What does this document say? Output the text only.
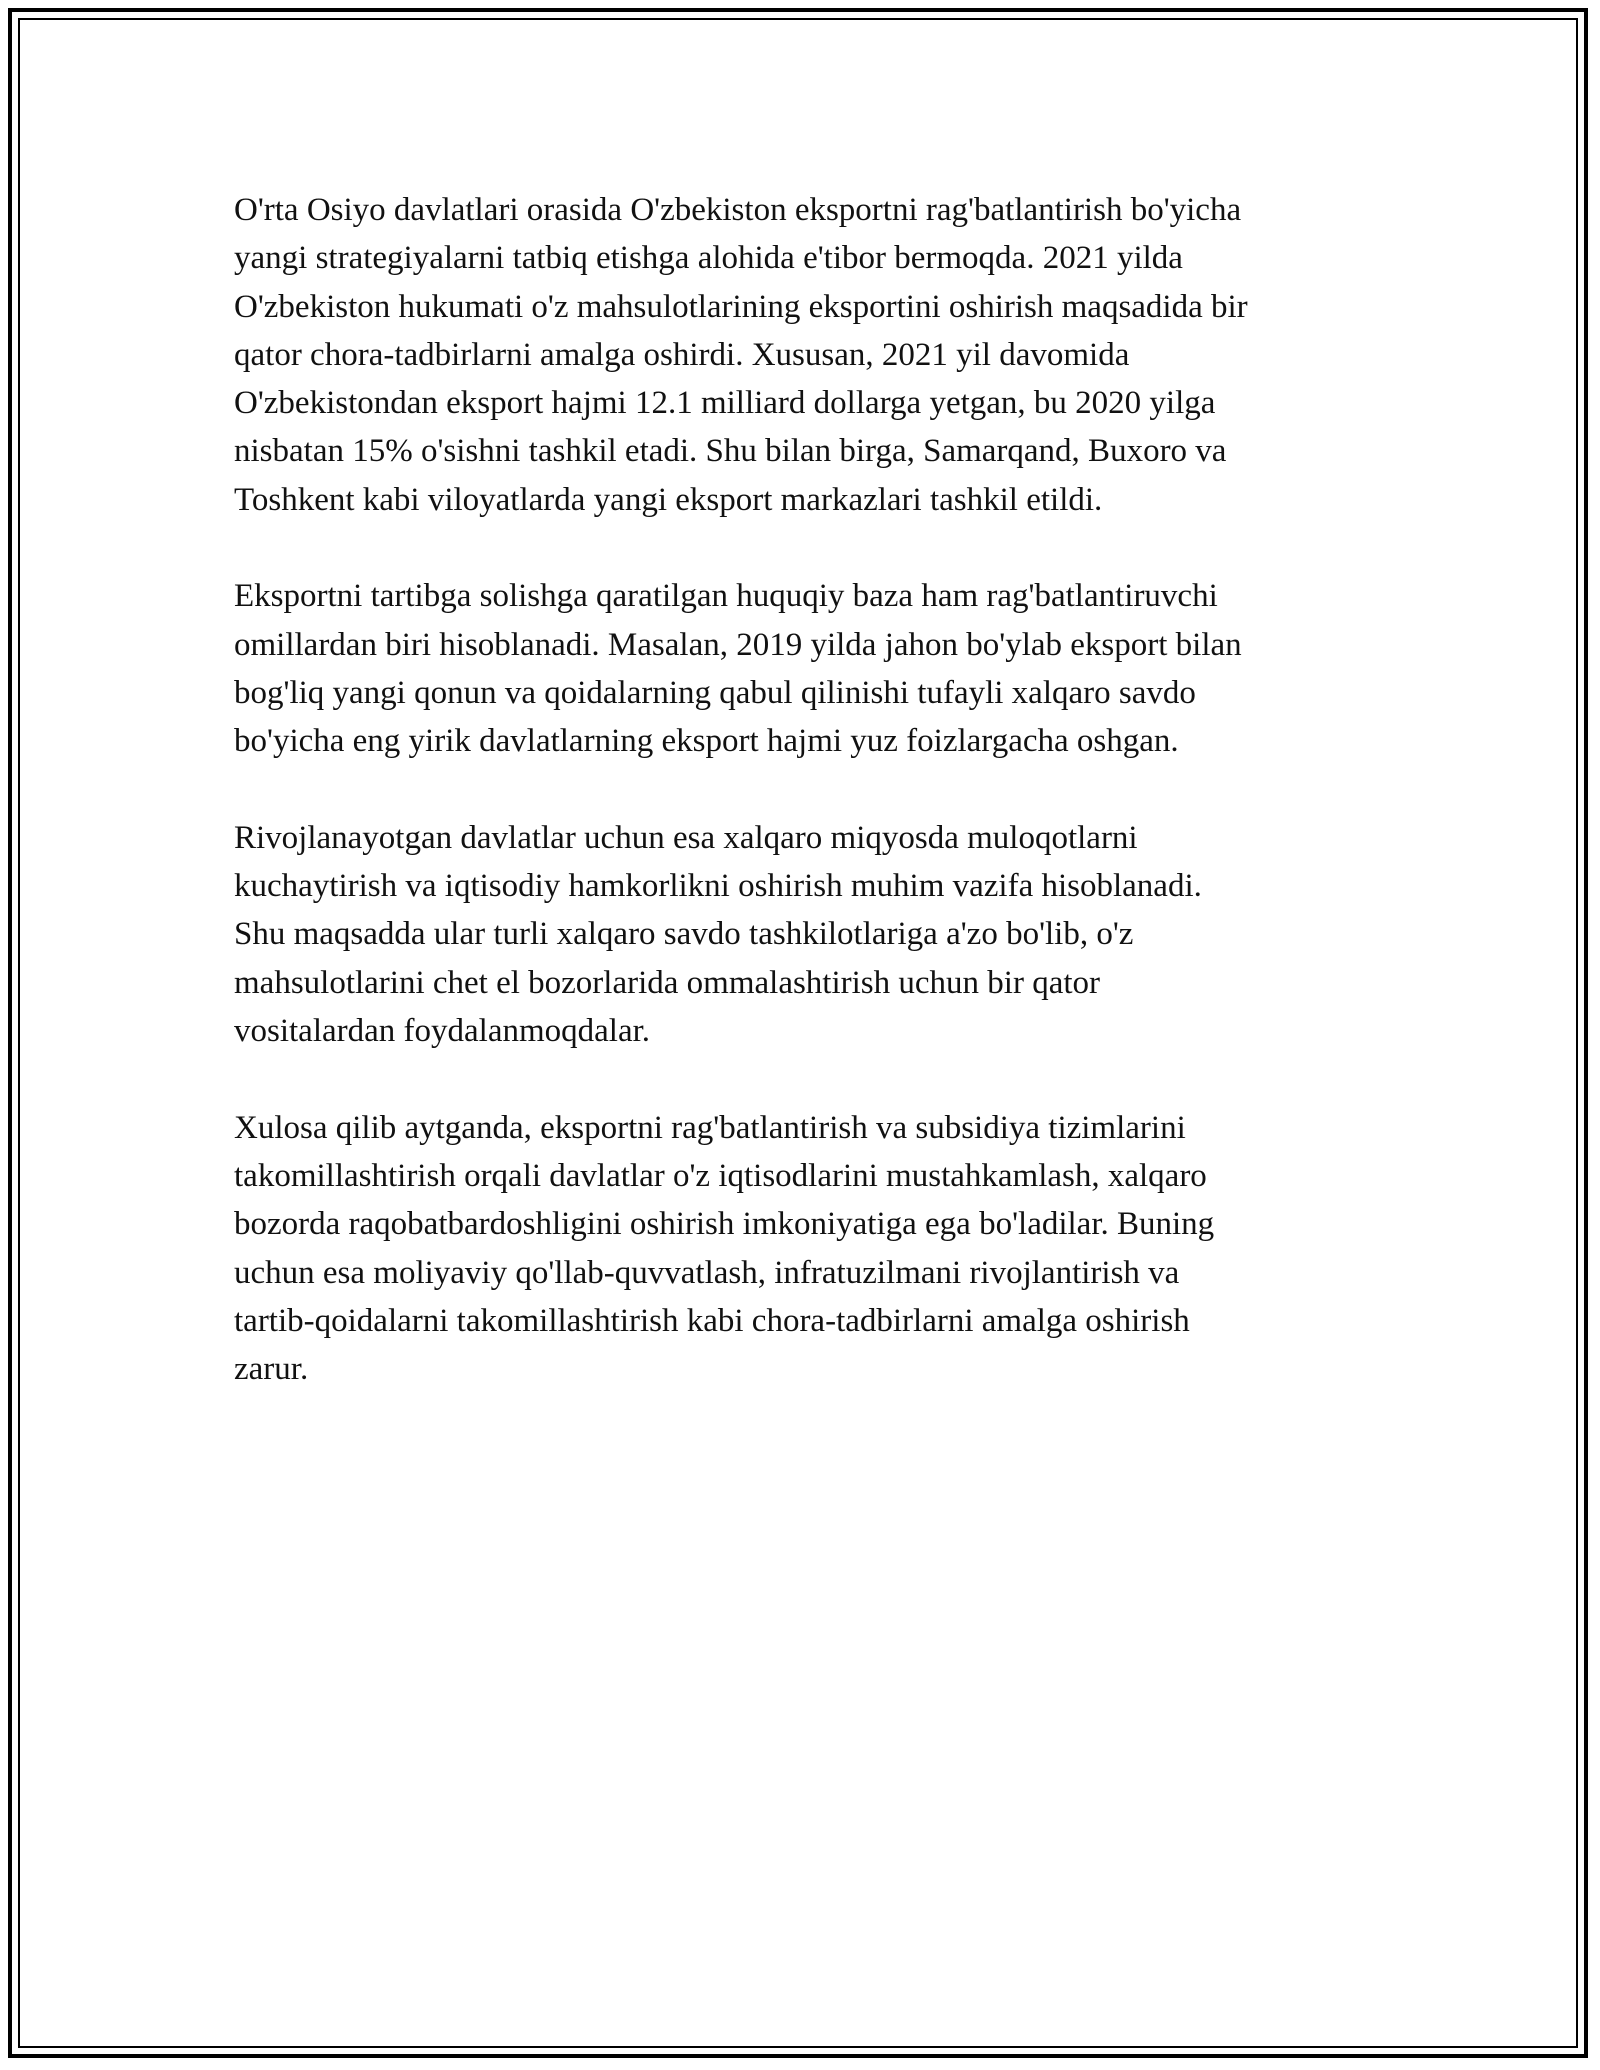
O'rta Osiyo davlatlari orasida O'zbekiston eksportni rag'batlantirish bo'yicha
yangi strategiyalarni tatbiq etishga alohida e'tibor bermoqda. 2021 yilda
O'zbekiston hukumati o'z mahsulotlarining eksportini oshirish maqsadida bir
qator chora-tadbirlarni amalga oshirdi. Xususan, 2021 yil davomida
O'zbekistondan eksport hajmi 12.1 milliard dollarga yetgan, bu 2020 yilga
nisbatan 15% o'sishni tashkil etadi. Shu bilan birga, Samarqand, Buxoro va
Toshkent kabi viloyatlarda yangi eksport markazlari tashkil etildi.

Eksportni tartibga solishga qaratilgan huquqiy baza ham rag'batlantiruvchi
omillardan biri hisoblanadi. Masalan, 2019 yilda jahon bo'ylab eksport bilan
bog'liq yangi qonun va qoidalarning qabul qilinishi tufayli xalqaro savdo
bo'yicha eng yirik davlatlarning eksport hajmi yuz foizlargacha oshgan.

Rivojlanayotgan davlatlar uchun esa xalqaro miqyosda muloqotlarni
kuchaytirish va iqtisodiy hamkorlikni oshirish muhim vazifa hisoblanadi.
Shu maqsadda ular turli xalqaro savdo tashkilotlariga a'zo bo'lib, o'z
mahsulotlarini chet el bozorlarida ommalashtirish uchun bir qator
vositalardan foydalanmoqdalar.

Xulosa qilib aytganda, eksportni rag'batlantirish va subsidiya tizimlarini
takomillashtirish orqali davlatlar o'z iqtisodlarini mustahkamlash, xalqaro
bozorda raqobatbardoshligini oshirish imkoniyatiga ega bo'ladilar. Buning
uchun esa moliyaviy qo'llab-quvvatlash, infratuzilmani rivojlantirish va
tartib-qoidalarni takomillashtirish kabi chora-tadbirlarni amalga oshirish
zarur.
